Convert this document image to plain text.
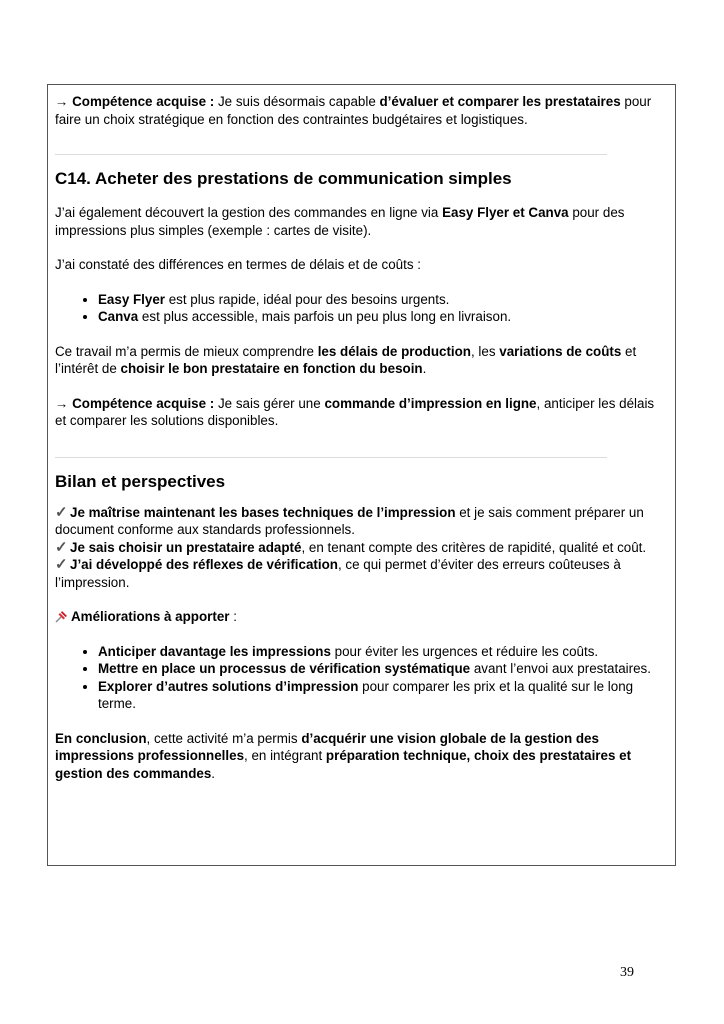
→ Compétence acquise : Je suis désormais capable d’évaluer et comparer les prestataires pour faire un choix stratégique en fonction des contraintes budgétaires et logistiques.

C14. Acheter des prestations de communication simples

J’ai également découvert la gestion des commandes en ligne via Easy Flyer et Canva pour des impressions plus simples (exemple : cartes de visite).

J’ai constaté des différences en termes de délais et de coûts :

• Easy Flyer est plus rapide, idéal pour des besoins urgents.
• Canva est plus accessible, mais parfois un peu plus long en livraison.

Ce travail m’a permis de mieux comprendre les délais de production, les variations de coûts et l’intérêt de choisir le bon prestataire en fonction du besoin.

→ Compétence acquise : Je sais gérer une commande d’impression en ligne, anticiper les délais et comparer les solutions disponibles.

Bilan et perspectives

✓ Je maîtrise maintenant les bases techniques de l’impression et je sais comment préparer un document conforme aux standards professionnels.

✓ Je sais choisir un prestataire adapté, en tenant compte des critères de rapidité, qualité et coût.

✓ J’ai développé des réflexes de vérification, ce qui permet d’éviter des erreurs coûteuses à l’impression.

Améliorations à apporter :

• Anticiper davantage les impressions pour éviter les urgences et réduire les coûts.
• Mettre en place un processus de vérification systématique avant l’envoi aux prestataires.
• Explorer d’autres solutions d’impression pour comparer les prix et la qualité sur le long terme.

En conclusion, cette activité m’a permis d’acquérir une vision globale de la gestion des impressions professionnelles, en intégrant préparation technique, choix des prestataires et gestion des commandes.

39
